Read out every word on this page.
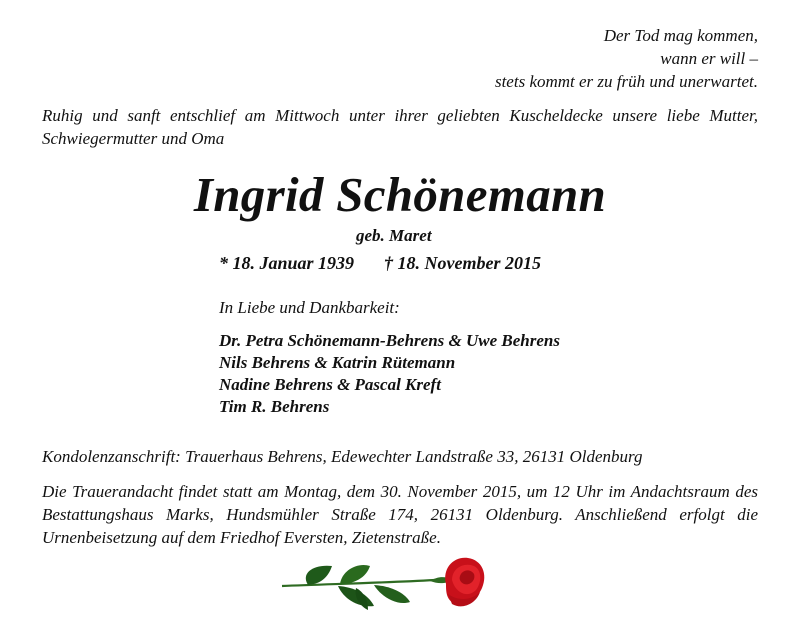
Der Tod mag kommen,
wann er will –
stets kommt er zu früh und unerwartet.
Ruhig und sanft entschlief am Mittwoch unter ihrer geliebten Kuscheldecke unsere liebe Mutter, Schwiegermutter und Oma
Ingrid Schönemann
geb. Maret
* 18. Januar 1939 † 18. November 2015
In Liebe und Dankbarkeit:
Dr. Petra Schönemann-Behrens & Uwe Behrens
Nils Behrens & Katrin Rütemann
Nadine Behrens & Pascal Kreft
Tim R. Behrens
Kondolenzanschrift: Trauerhaus Behrens, Edewechter Landstraße 33, 26131 Oldenburg
Die Trauerandacht findet statt am Montag, dem 30. November 2015, um 12 Uhr im Andachtsraum des Bestattungshaus Marks, Hundsmühler Straße 174, 26131 Oldenburg. Anschließend erfolgt die Urnenbeisetzung auf dem Friedhof Eversten, Zietenstraße.
